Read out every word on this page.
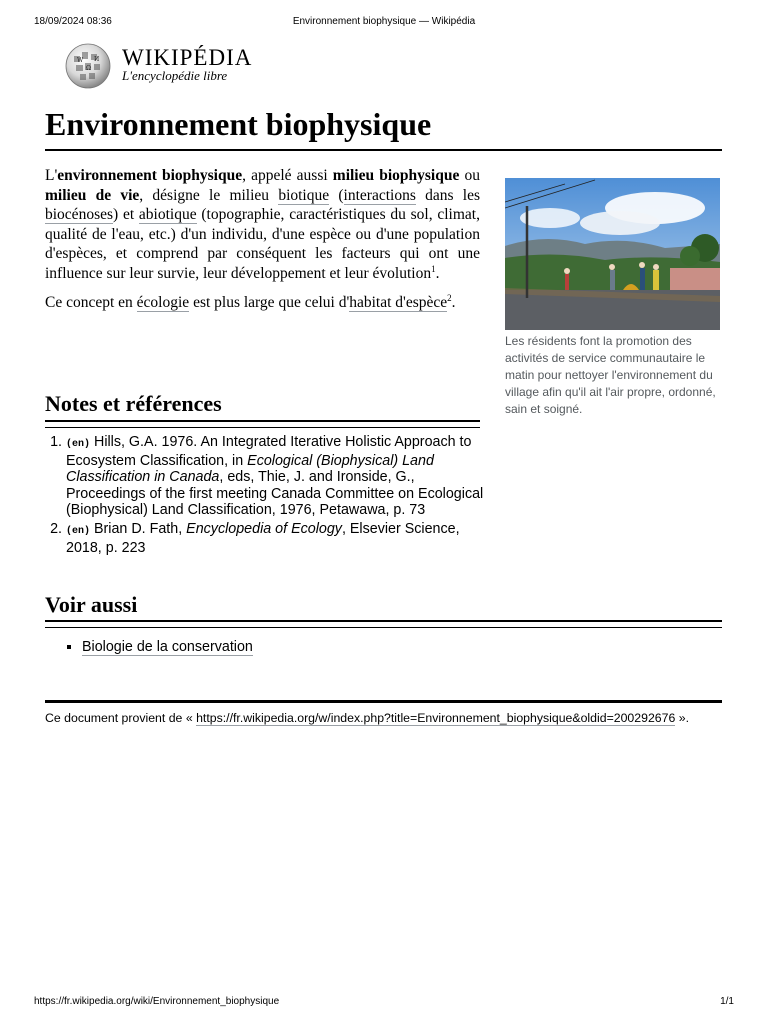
18/09/2024 08:36	Environnement biophysique — Wikipédia
W
Ω
И WIKIPÉDIA
L'encyclopédie libre
Environnement biophysique

L'environnement biophysique, appelé aussi milieu biophysique ou milieu de vie, désigne le milieu biotique (interactions dans les biocénoses) et abiotique (topographie, caractéristiques du sol, climat, qualité de l'eau, etc.) d'un individu, d'une espèce ou d'une population d'espèces, et comprend par conséquent les facteurs qui ont une influence sur leur survie, leur développement et leur évolution$^1$.

Ce concept en écologie est plus large que celui d'habitat d'espèce$^2$.

Les résidents font la promotion des activités de service communautaire le matin pour nettoyer l'environnement du village afin qu'il ait l'air propre, ordonné, sain et soigné.
Notes et références
1. (en) Hills, G.A. 1976. An Integrated Iterative Holistic Approach to Ecosystem Classification, in Ecological (Biophysical) Land Classification in Canada, eds, Thie, J. and Ironside, G., Proceedings of the first meeting Canada Committee on Ecological (Biophysical) Land Classification, 1976, Petawawa, p. 73
2. (en) Brian D. Fath, Encyclopedia of Ecology, Elsevier Science, 2018, p. 223
Voir aussi
▪ Biologie de la conservation
Ce document provient de « https://fr.wikipedia.org/w/index.php?title=Environnement_biophysique&oldid=200292676 ».
https://fr.wikipedia.org/wiki/Environnement_biophysique	1/1
